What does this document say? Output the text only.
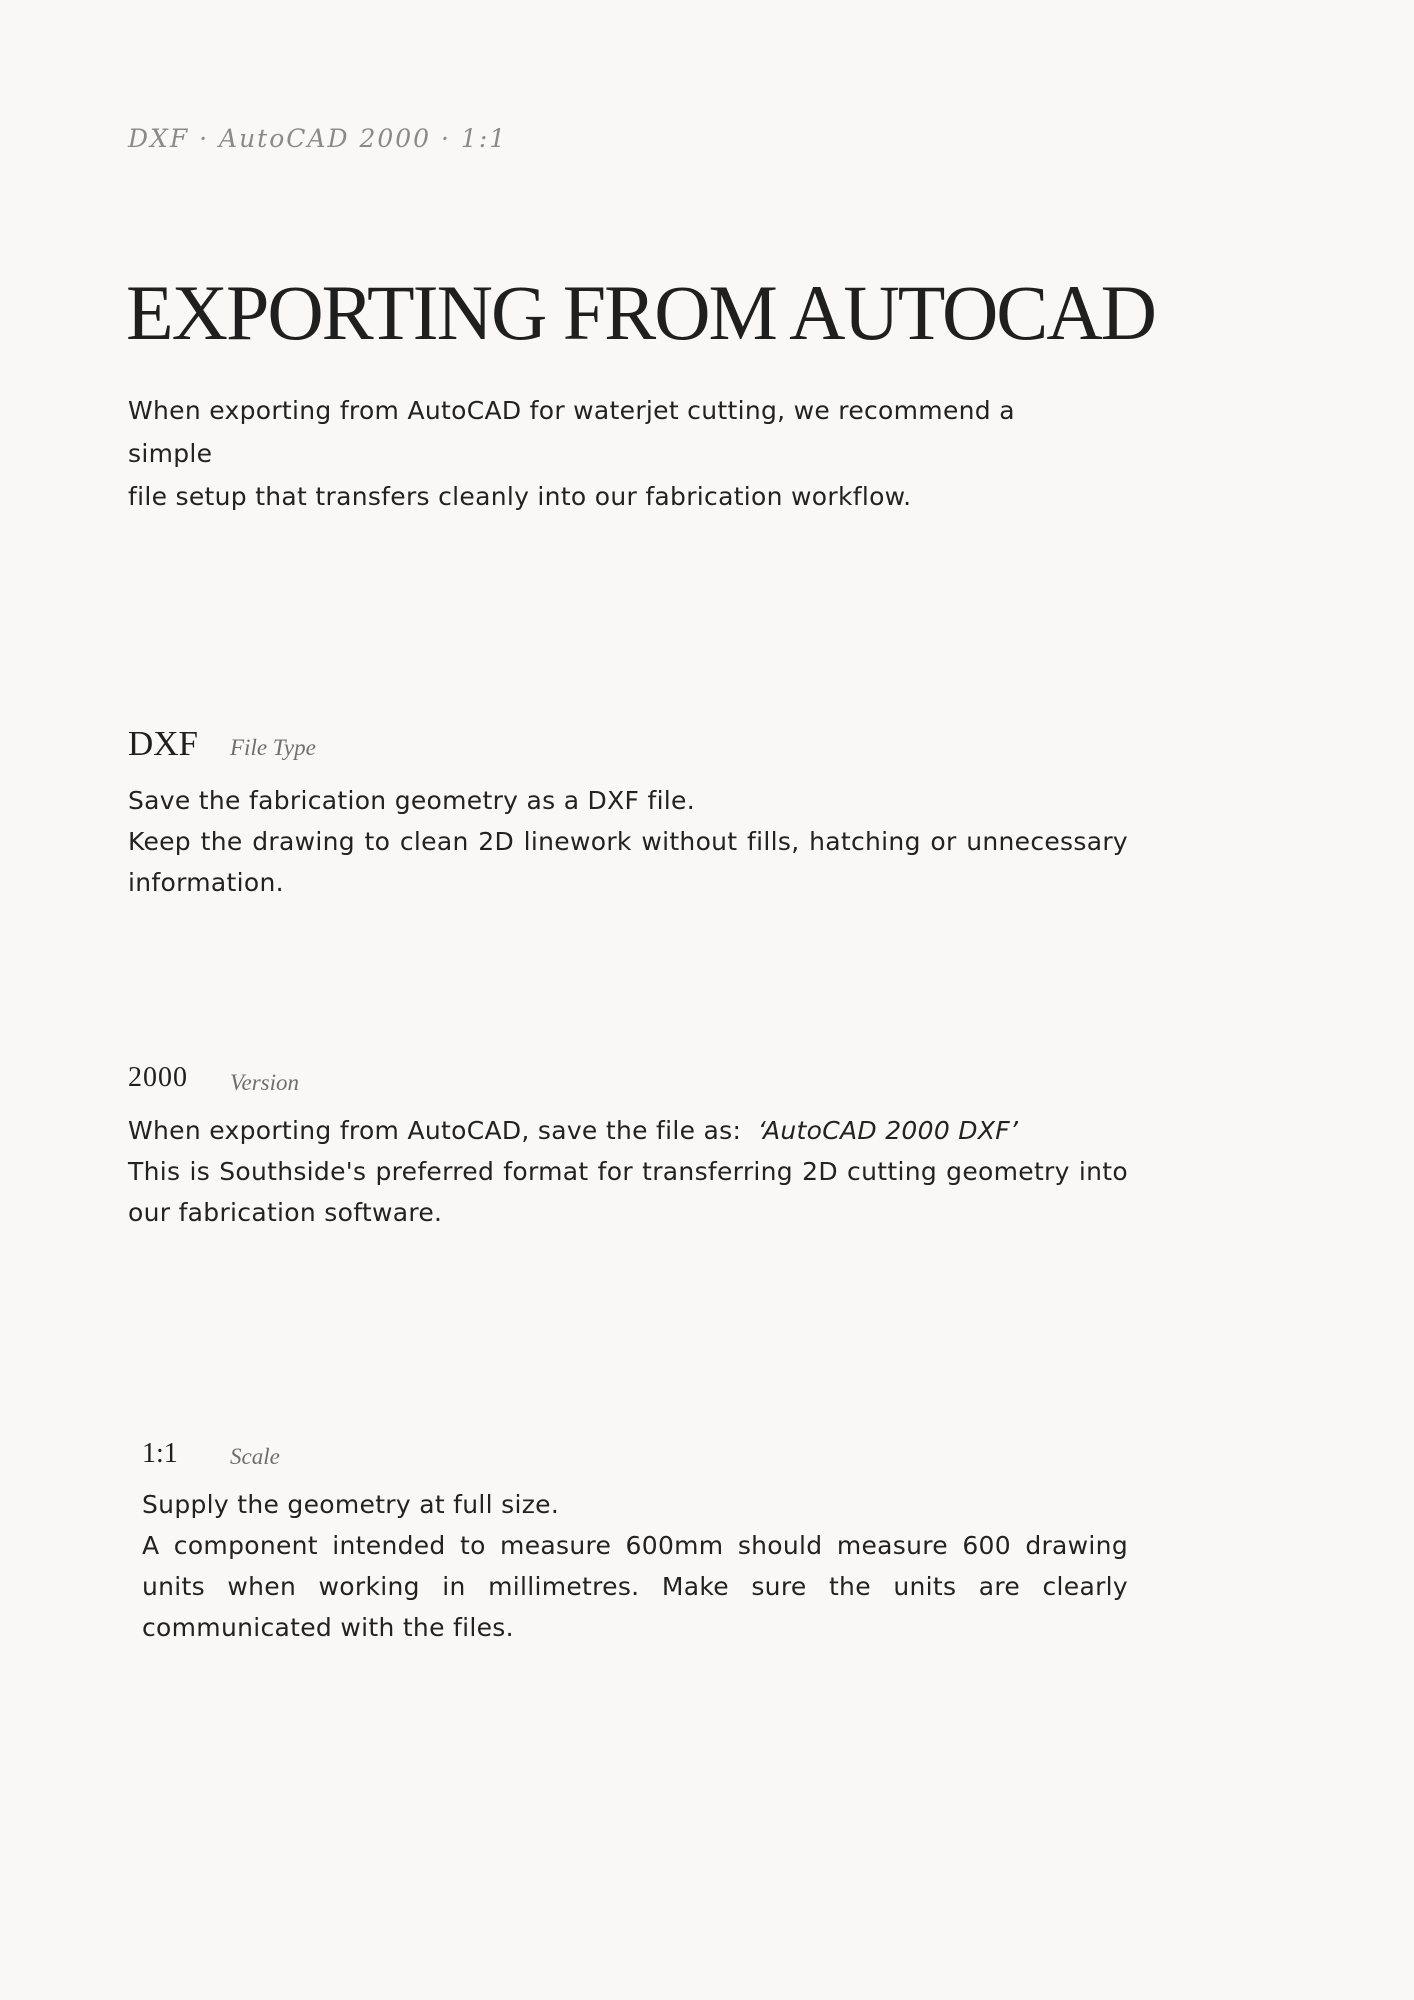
DXF · AutoCAD 2000 · 1:1
EXPORTING FROM AUTOCAD
When exporting from AutoCAD for waterjet cutting, we recommend a simple
file setup that transfers cleanly into our fabrication workflow.
DXF File Type

Save the fabrication geometry as a DXF file.

Keep the drawing to clean 2D linework without fills, hatching or unnecessary information.

2000 Version

When exporting from AutoCAD, save the file as: ‘AutoCAD 2000 DXF’

This is Southside's preferred format for transferring 2D cutting geometry into our fabrication software.

1:1 Scale

Supply the geometry at full size.

A component intended to measure 600mm should measure 600 drawing units when working in millimetres. Make sure the units are clearly communicated with the files.
